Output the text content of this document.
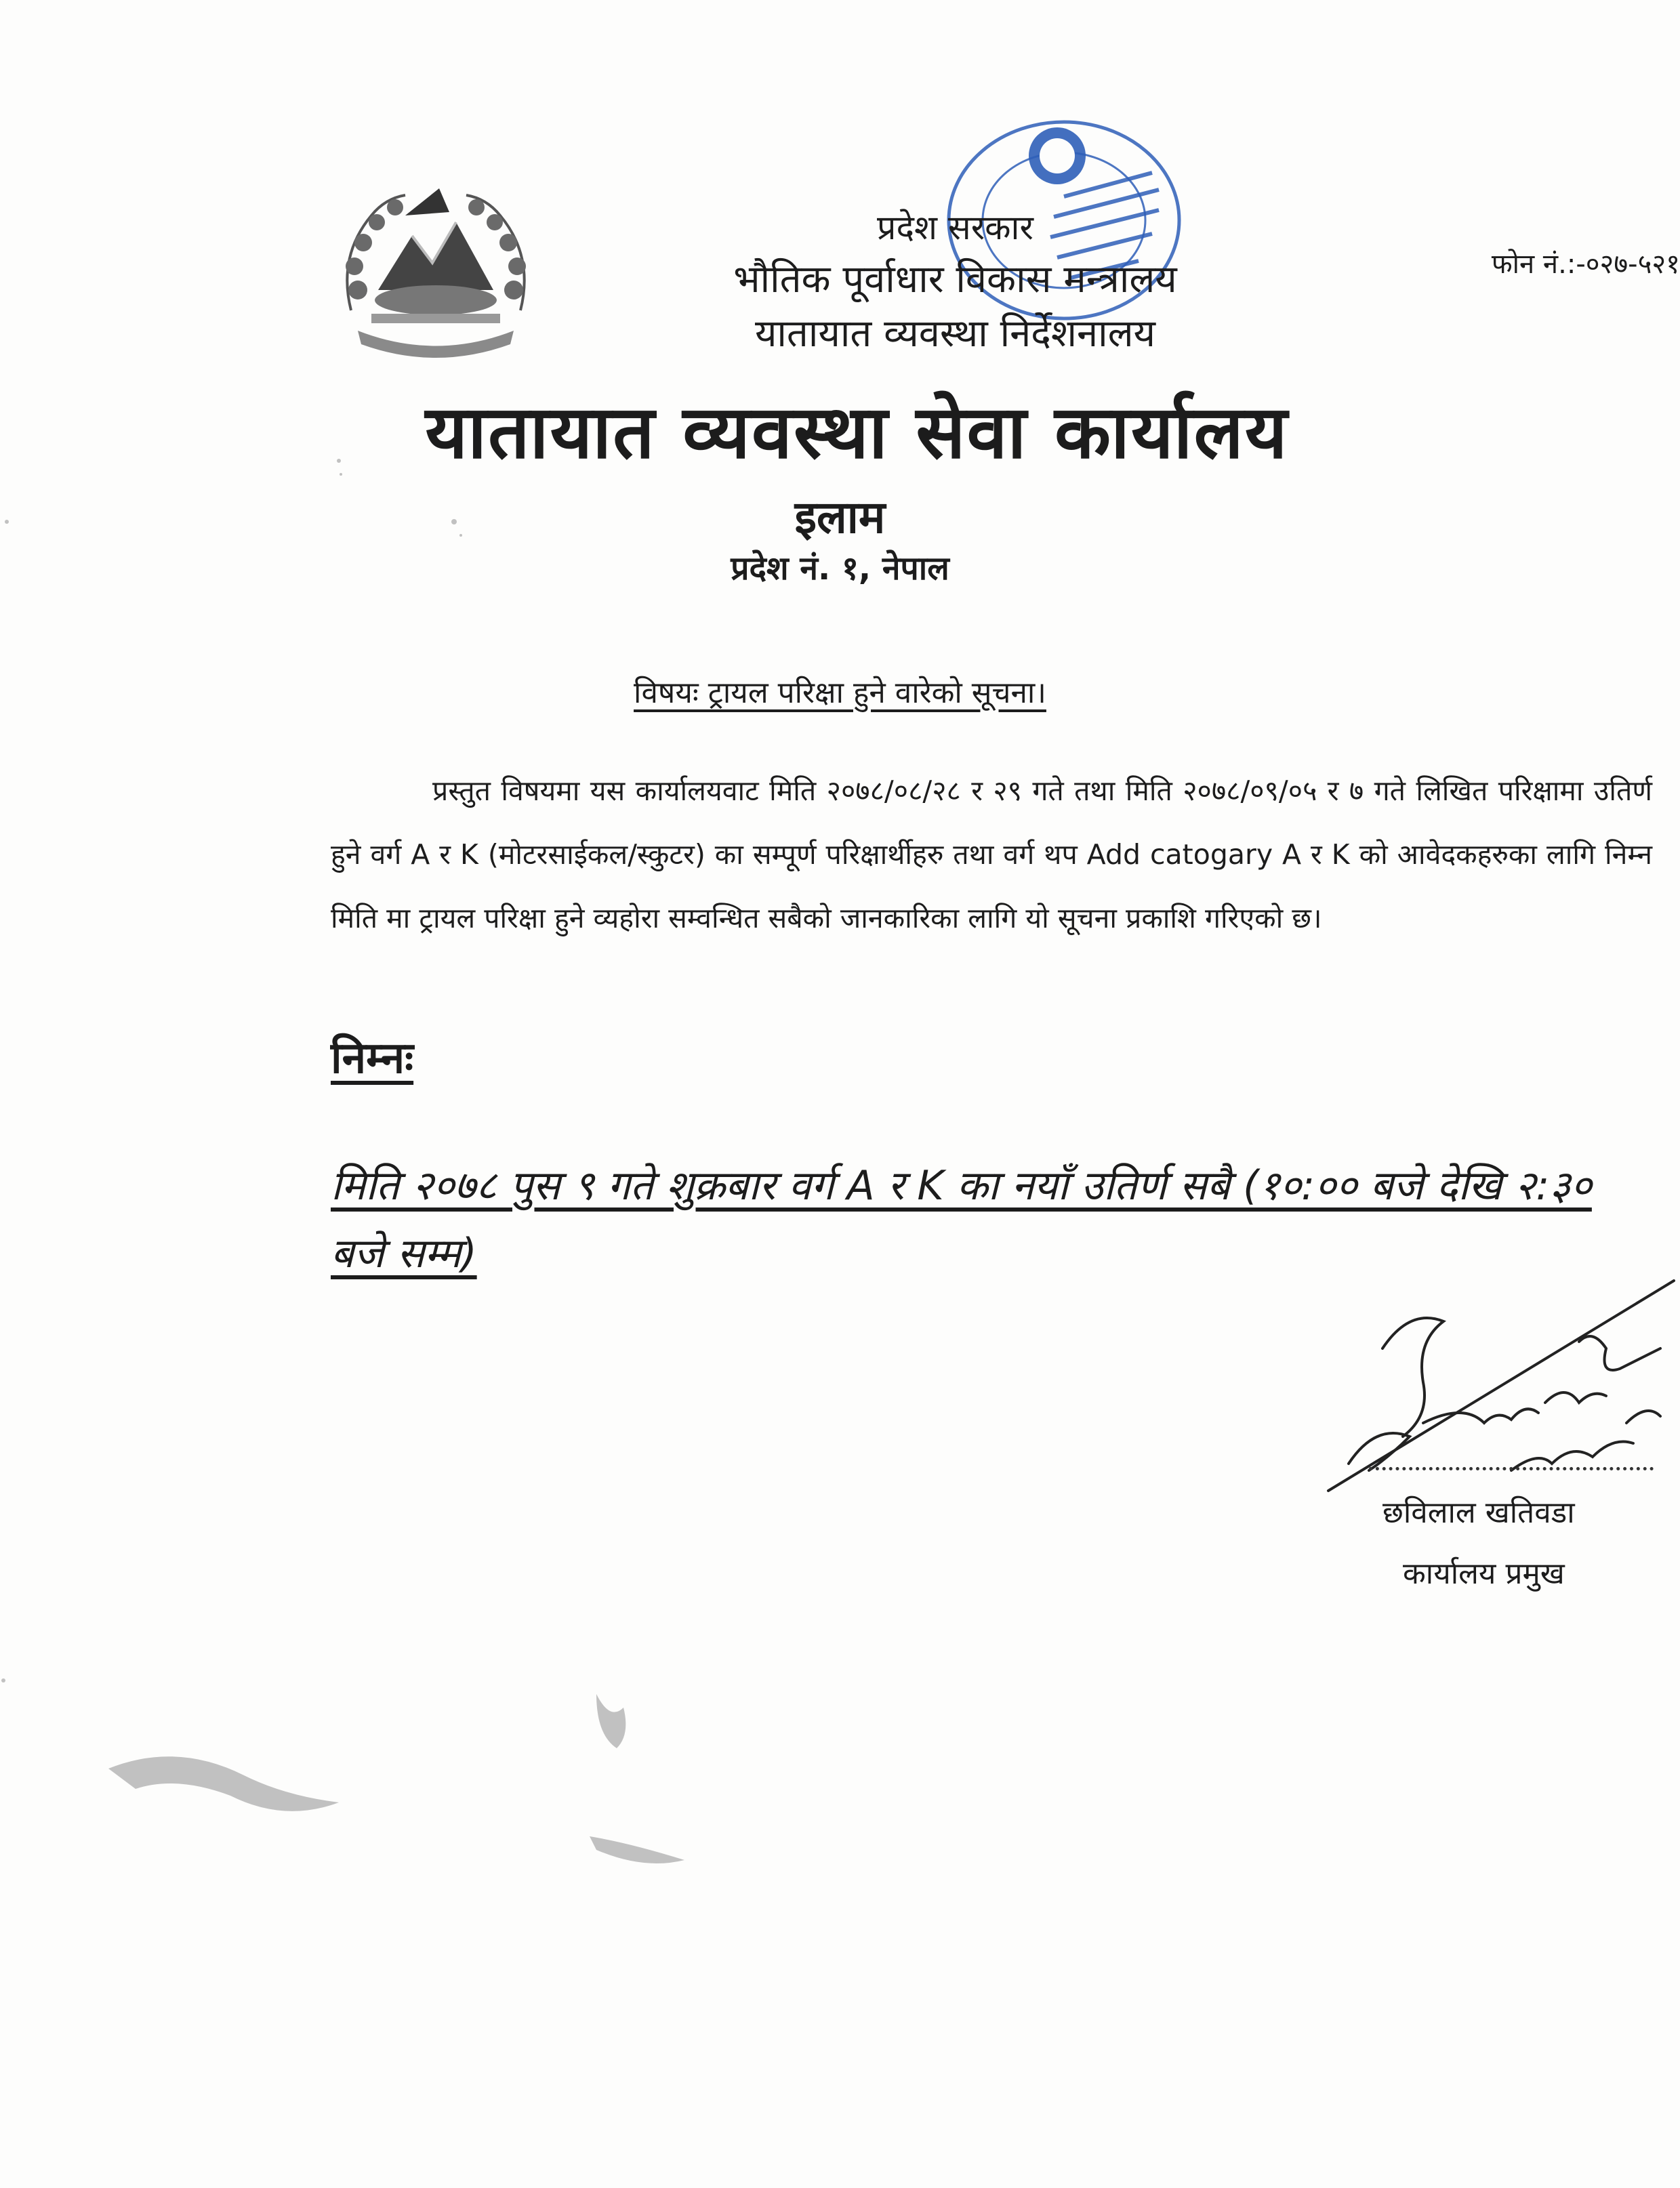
प्रदेश सरकार
भौतिक पूर्वाधार विकास मन्त्रालय
यातायात व्यवस्था निर्देशनालय
फोन नं.:-०२७-५२१
यातायात व्यवस्था सेवा कार्यालय
इलाम
प्रदेश नं. १, नेपाल
विषयः ट्रायल परिक्षा हुने वारेको सूचना।
प्रस्तुत विषयमा यस कार्यालयवाट मिति २०७८/०८/२८ र २९ गते तथा मिति २०७८/०९/०५ र ७ गते लिखित परिक्षामा उतिर्ण हुने वर्ग A र K (मोटरसाईकल/स्कुटर) का सम्पूर्ण परिक्षार्थीहरु तथा वर्ग थप Add catogary A र K को आवेदकहरुका लागि निम्न मिति मा ट्रायल परिक्षा हुने व्यहोरा सम्वन्धित सबैको जानकारिका लागि यो सूचना प्रकाशि गरिएको छ।
निम्नः
मिति २०७८ पुस ९ गते शुक्रबार वर्ग A र K का नयाँ उतिर्ण सबै (१०:०० बजे देखि २:३० बजे सम्म)
छविलाल खतिवडा
कार्यालय प्रमुख
